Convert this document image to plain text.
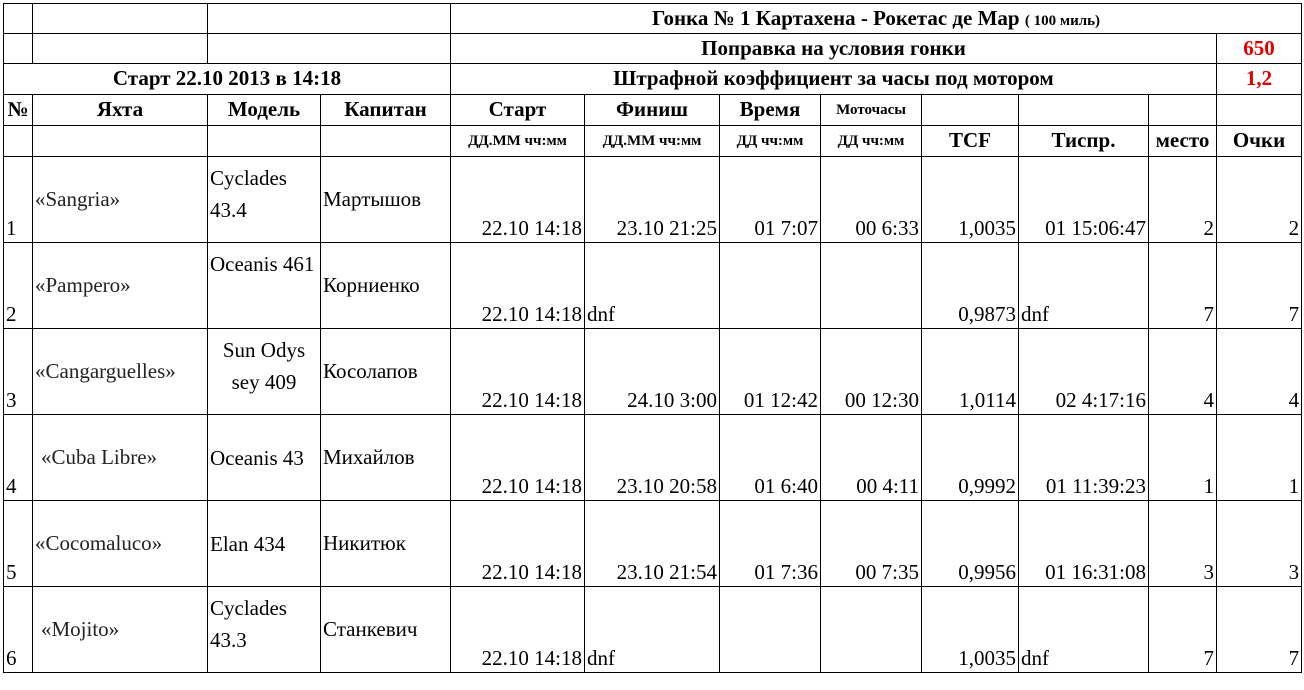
				Гонка № 1 Картахена - Рокетас де Мар ( 100 миль)							
				Поправка на условия гонки							650
Старт 22.10 2013 в 14:18				Штрафной коэффициент за часы под мотором							1,2
№	Яхта	Модель	Капитан	Старт	Финиш	Время	Моточасы				
				ДД.ММ чч:мм	ДД.ММ чч:мм	ДД чч:мм	ДД чч:мм	TCF	Тиспр.	место	Очки
1	«Sangria»	Cyclades 43.4	Мартышов	22.10 14:18	23.10 21:25	01 7:07	00 6:33	1,0035	01 15:06:47	2	2
2	«Pampero»	Oceanis 461	Корниенко	22.10 14:18	dnf			0,9873	dnf	7	7
3	«Cangarguelles»	Sun Odys sey 409	Косолапов	22.10 14:18	24.10 3:00	01 12:42	00 12:30	1,0114	02 4:17:16	4	4
4	«Cuba Libre»	Oceanis 43	Михайлов	22.10 14:18	23.10 20:58	01 6:40	00 4:11	0,9992	01 11:39:23	1	1
5	«Cocomaluco»	Elan 434	Никитюк	22.10 14:18	23.10 21:54	01 7:36	00 7:35	0,9956	01 16:31:08	3	3
6	«Mojito»	Cyclades 43.3	Станкевич	22.10 14:18	dnf			1,0035	dnf	7	7
